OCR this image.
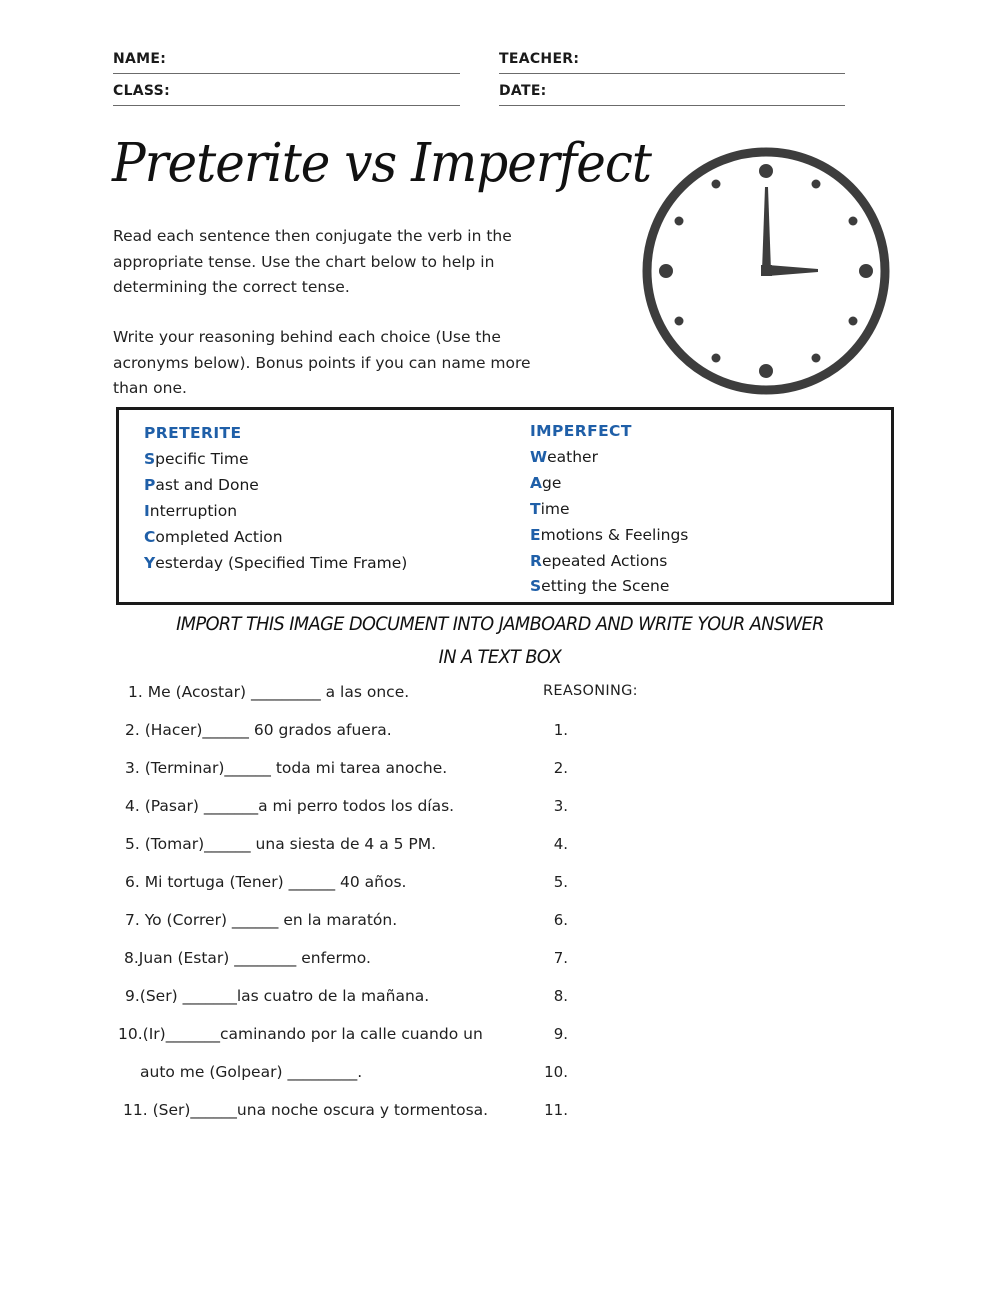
NAME:	TEACHER:
CLASS:	DATE:
Preterite vs Imperfect
Read each sentence then conjugate the verb in the appropriate tense. Use the chart below to help in determining the correct tense.
Write your reasoning behind each choice (Use the acronyms below). Bonus points if you can name more than one.
PRETERITE
Specific Time
Past and Done
Interruption
Completed Action
Yesterday (Specified Time Frame)
IMPERFECT
Weather
Age
Time
Emotions & Feelings
Repeated Actions
Setting the Scene
IMPORT THIS IMAGE DOCUMENT INTO JAMBOARD AND WRITE YOUR ANSWER
IN A TEXT BOX
1. Me (Acostar) _________ a las once.
2. (Hacer)______ 60 grados afuera.
3. (Terminar)______ toda mi tarea anoche.
4. (Pasar) _______a mi perro todos los días.
5. (Tomar)______ una siesta de 4 a 5 PM.
6. Mi tortuga (Tener) ______ 40 años.
7. Yo (Correr) ______ en la maratón.
8.Juan (Estar) ________ enfermo.
9.(Ser) _______las cuatro de la mañana.
10.(Ir)_______caminando por la calle cuando un
auto me (Golpear) _________.
11. (Ser)______una noche oscura y tormentosa.
REASONING:
1.
2.
3.
4.
5.
6.
7.
8.
9.
10.
11.
